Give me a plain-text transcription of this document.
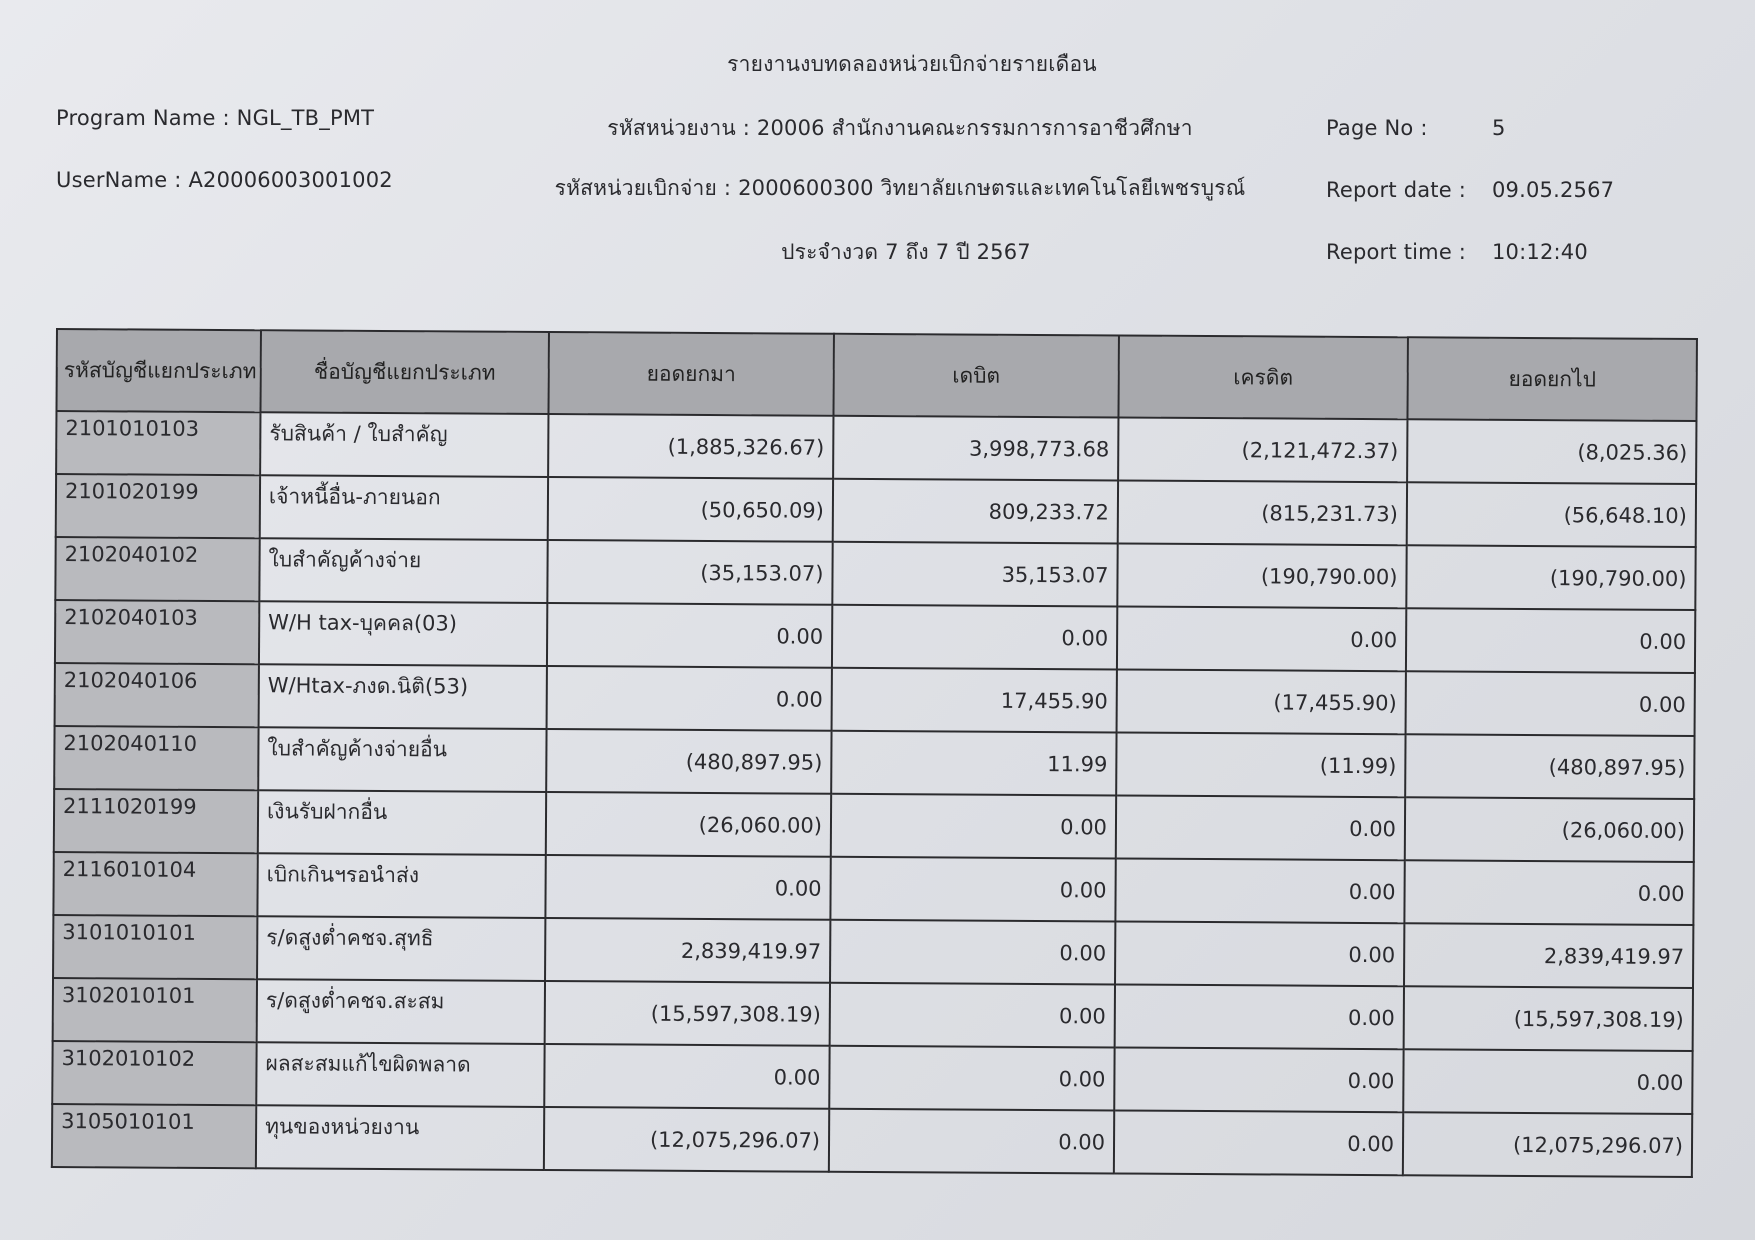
รายงานงบทดลองหน่วยเบิกจ่ายรายเดือน
Program Name : NGL_TB_PMT	รหัสหน่วยงาน : 20006 สำนักงานคณะกรรมการการอาชีวศึกษา	Page No :	5
UserName : A20006003001002	รหัสหน่วยเบิกจ่าย : 2000600300 วิทยาลัยเกษตรและเทคโนโลยีเพชรบูรณ์	Report date : 09.05.2567
ประจำงวด 7 ถึง 7 ปี 2567	Report time : 10:12:40
รหัสบัญชีแยกประเภท	ชื่อบัญชีแยกประเภท	ยอดยกมา	เดบิต	เครดิต	ยอดยกไป
2101010103	รับสินค้า / ใบสำคัญ	(1,885,326.67)	3,998,773.68	(2,121,472.37)	(8,025.36)
2101020199	เจ้าหนี้อื่น-ภายนอก	(50,650.09)	809,233.72	(815,231.73)	(56,648.10)
2102040102	ใบสำคัญค้างจ่าย	(35,153.07)	35,153.07	(190,790.00)	(190,790.00)
2102040103	W/H tax-บุคคล(03)	0.00	0.00	0.00	0.00
2102040106	W/Htax-ภงด.นิติ(53)	0.00	17,455.90	(17,455.90)	0.00
2102040110	ใบสำคัญค้างจ่ายอื่น	(480,897.95)	11.99	(11.99)	(480,897.95)
2111020199	เงินรับฝากอื่น	(26,060.00)	0.00	0.00	(26,060.00)
2116010104	เบิกเกินฯรอนำส่ง	0.00	0.00	0.00	0.00
3101010101	ร/ดสูงต่ำคชจ.สุทธิ	2,839,419.97	0.00	0.00	2,839,419.97
3102010101	ร/ดสูงต่ำคชจ.สะสม	(15,597,308.19)	0.00	0.00	(15,597,308.19)
3102010102	ผลสะสมแก้ไขผิดพลาด	0.00	0.00	0.00	0.00
3105010101	ทุนของหน่วยงาน	(12,075,296.07)	0.00	0.00	(12,075,296.07)
